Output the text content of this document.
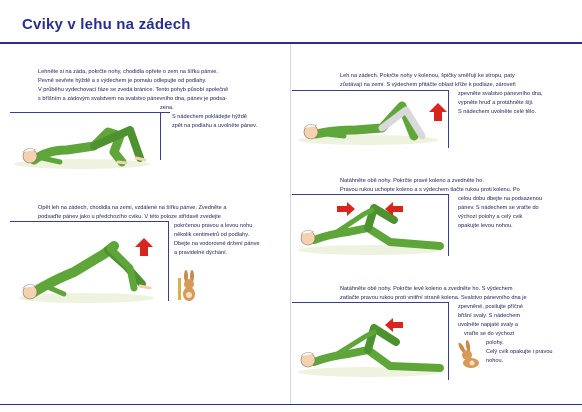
Cviky v lehu na zádech
Lehněte si na záda, pokrčte nohy, chodidla opřete o zem na šířku pánve.
Pevně sevřete hýždě a s výdechem je pomalu odlepujte od podlahy.
V průběhu vydechovací fáze se zvedá bránice. Tento pohyb působí společně
s bříšním a zádovým svalstvem na svalstvo pánevního dna, pánev je podsa-
zena.
S nádechem pokládejte hýždě
zpět na podlahu a uvolněte pánev.
Opět leh na zádech, chodidla na zemi, vzdálené na šířku pánve. Zvedněte a
podsaďte pánev jako u předchozího cviku. V této poloze střídavě zvedejte
pokrčenou pravou a levou nohu
několik centimetrů od podlahy.
Dbejte na vodorovné držení pánve
a pravidelné dýchání.
Leh na zádech. Pokrčte nohy v kolenou, špičky směřují ke stropu, paty
zůstávají na zemi. S výdechem přitáčte oblast kříže k podlaze, zároveň
zpevněte svalstvo pánevního dna,
vypněte hruď a protáhněte šíji.
S nádechem uvolněte celé tělo.
Natáhněte obě nohy. Pokrčte pravé koleno a zvedněte ho.
Pravou rukou uchopte koleno a s výdechem tlačte rukou proti kolenu. Po
celou dobu dbejte na podsazenou
pánev. S nádechem se vraťte do
výchozí polohy a celý cvik
opakujte levou nohou.
Natáhněte obě nohy. Pokrčte levé koleno a zvedněte ho. S výdechem
zatlačte pravou rukou proti vnitřní straně kolena. Svalstvo pánevního dna je
zpevněné, posilujte příčné
břišní svaly. S nádechem
uvolněte napjaté svaly a
vraťte se do výchozí
polohy.
Celý cvik opakujte i pravou
nohou.
